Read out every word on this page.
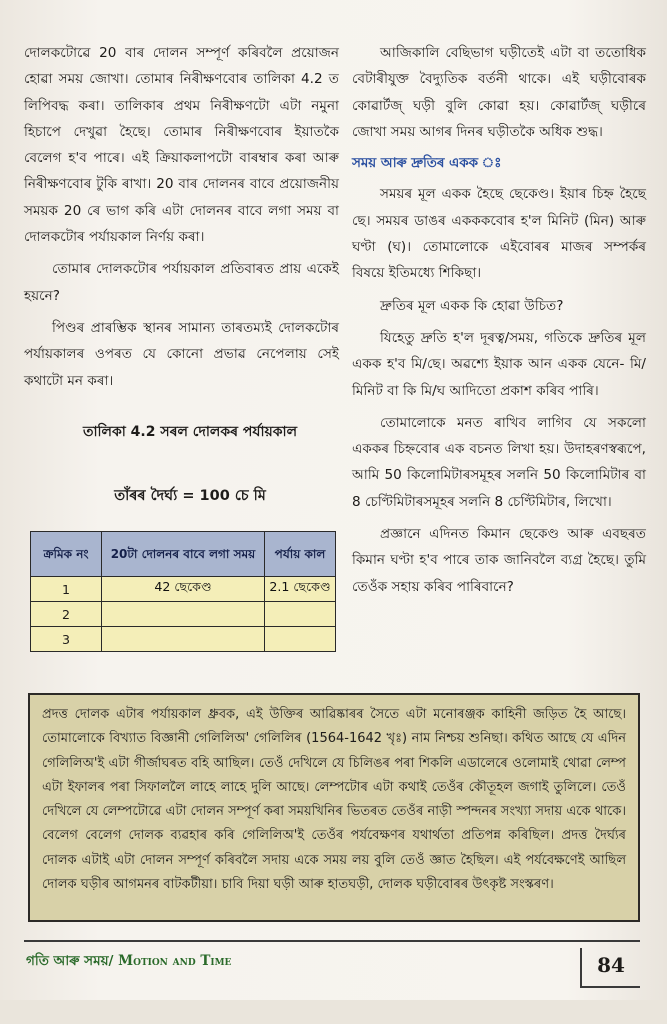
দোলকটোৱে 20 বাৰ দোলন সম্পূৰ্ণ কৰিবলৈ প্ৰয়োজন হোৱা সময় জোখা। তোমাৰ নিৰীক্ষণবোৰ তালিকা 4.2 ত লিপিবদ্ধ কৰা। তালিকাৰ প্ৰথম নিৰীক্ষণটো এটা নমুনা হিচাপে দেখুৱা হৈছে। তোমাৰ নিৰীক্ষণবোৰ ইয়াতকৈ বেলেগ হ'ব পাৰে। এই ক্ৰিয়াকলাপটো বাৰম্বাৰ কৰা আৰু নিৰীক্ষণবোৰ টুকি ৰাখা। 20 বাৰ দোলনৰ বাবে প্ৰয়োজনীয় সময়ক 20 ৰে ভাগ কৰি এটা দোলনৰ বাবে লগা সময় বা দোলকটোৰ পৰ্যায়কাল নিৰ্ণয় কৰা।

তোমাৰ দোলকটোৰ পৰ্যায়কাল প্ৰতিবাৰত প্ৰায় একেই হয়নে?

পিণ্ডৰ প্ৰাৰম্ভিক স্থানৰ সামান্য তাৰতম্যই দোলকটোৰ পৰ্যায়কালৰ ওপৰত যে কোনো প্ৰভাৱ নেপেলায় সেই কথাটো মন কৰা।

তালিকা 4.2 সৰল দোলকৰ পৰ্যায়কাল
তাঁৰৰ দৈৰ্ঘ্য = 100 চে মি
ক্ৰমিক নং	20টা দোলনৰ বাবে লগা সময়	পৰ্যায় কাল
1	42 ছেকেণ্ড	2.1 ছেকেণ্ড
2		
3		

আজিকালি বেছিভাগ ঘড়ীতেই এটা বা ততোধিক বেটাৰীযুক্ত বৈদ্যুতিক বৰ্তনী থাকে। এই ঘড়ীবোৰক কোৱাৰ্টজ্ ঘড়ী বুলি কোৱা হয়। কোৱাৰ্টজ্ ঘড়ীৰে জোখা সময় আগৰ দিনৰ ঘড়ীতকৈ অধিক শুদ্ধ।

সময় আৰু দ্ৰুতিৰ একক ঃ

সময়ৰ মূল একক হৈছে ছেকেণ্ড। ইয়াৰ চিহ্ন হৈছে ছে। সময়ৰ ডাঙৰ একককবোৰ হ'ল মিনিট (মিন) আৰু ঘণ্টা (ঘ)। তোমালোকে এইবোৰৰ মাজৰ সম্পৰ্কৰ বিষয়ে ইতিমধ্যে শিকিছা।

দ্ৰুতিৰ মূল একক কি হোৱা উচিত?

যিহেতু দ্ৰুতি হ'ল দূৰত্ব/সময়, গতিকে দ্ৰুতিৰ মূল একক হ'ব মি/ছে। অৱশ্যে ইয়াক আন একক যেনে- মি/মিনিট বা কি মি/ঘ আদিতো প্ৰকাশ কৰিব পাৰি।

তোমালোকে মনত ৰাখিব লাগিব যে সকলো এককৰ চিহ্নবোৰ এক বচনত লিখা হয়। উদাহৰণস্বৰূপে, আমি 50 কিলোমিটাৰসমূহৰ সলনি 50 কিলোমিটাৰ বা 8 চেণ্টিমিটাৰসমূহৰ সলনি 8 চেণ্টিমিটাৰ, লিখো।

প্ৰজ্ঞানে এদিনত কিমান ছেকেণ্ড আৰু এবছৰত কিমান ঘণ্টা হ'ব পাৰে তাক জানিবলৈ ব্যগ্ৰ হৈছে। তুমি তেওঁক সহায় কৰিব পাৰিবানে?

প্ৰদত্ত দোলক এটাৰ পৰ্যায়কাল ধ্ৰুবক, এই উক্তিৰ আৱিষ্কাৰৰ সৈতে এটা মনোৰঞ্জক কাহিনী জড়িত হৈ আছে। তোমালোকে বিখ্যাত বিজ্ঞানী গেলিলিঅ' গেলিলিৰ (1564-1642 খৃঃ) নাম নিশ্চয় শুনিছা। কথিত আছে যে এদিন গেলিলিঅ'ই এটা গীৰ্জাঘৰত বহি আছিল। তেওঁ দেখিলে যে চিলিঙৰ পৰা শিকলি এডালেৰে ওলোমাই থোৱা লেম্প এটা ইফালৰ পৰা সিফাললৈ লাহে লাহে দুলি আছে। লেম্পটোৰ এটা কথাই তেওঁৰ কৌতূহল জগাই তুলিলে। তেওঁ দেখিলে যে লেম্পটোৱে এটা দোলন সম্পূৰ্ণ কৰা সময়খিনিৰ ভিতৰত তেওঁৰ নাড়ী স্পন্দনৰ সংখ্যা সদায় একে থাকে। বেলেগ বেলেগ দোলক ব্যৱহাৰ কৰি গেলিলিঅ'ই তেওঁৰ পৰ্যবেক্ষণৰ যথাৰ্থতা প্ৰতিপন্ন কৰিছিল। প্ৰদত্ত দৈৰ্ঘ্যৰ দোলক এটাই এটা দোলন সম্পূৰ্ণ কৰিবলৈ সদায় একে সময় লয় বুলি তেওঁ জ্ঞাত হৈছিল। এই পৰ্যবেক্ষণেই আছিল দোলক ঘড়ীৰ আগমনৰ বাটকটীয়া। চাবি দিয়া ঘড়ী আৰু হাতঘড়ী, দোলক ঘড়ীবোৰৰ উৎকৃষ্ট সংস্কৰণ।
গতি আৰু সময়/ Motion and Time	84
